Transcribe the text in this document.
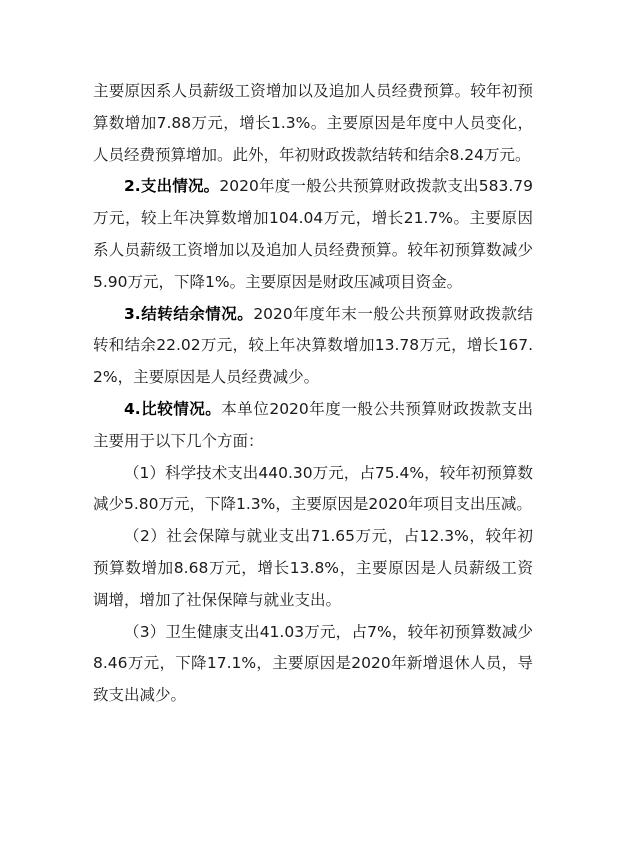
主要原因系人员薪级工资增加以及追加人员经费预算。较年初预算数增加7.88万元，增长1.3%。主要原因是年度中人员变化，人员经费预算增加。此外，年初财政拨款结转和结余8.24万元。

2.支出情况。2020年度一般公共预算财政拨款支出583.79万元，较上年决算数增加104.04万元，增长21.7%。主要原因系人员薪级工资增加以及追加人员经费预算。较年初预算数减少5.90万元，下降1%。主要原因是财政压减项目资金。

3.结转结余情况。2020年度年末一般公共预算财政拨款结转和结余22.02万元，较上年决算数增加13.78万元，增长167.2%，主要原因是人员经费减少。

4.比较情况。本单位2020年度一般公共预算财政拨款支出主要用于以下几个方面：

（1）科学技术支出440.30万元，占75.4%，较年初预算数减少5.80万元，下降1.3%，主要原因是2020年项目支出压减。

（2）社会保障与就业支出71.65万元，占12.3%，较年初预算数增加8.68万元，增长13.8%，主要原因是人员薪级工资调增，增加了社保保障与就业支出。

（3）卫生健康支出41.03万元，占7%，较年初预算数减少8.46万元，下降17.1%，主要原因是2020年新增退休人员，导致支出减少。
